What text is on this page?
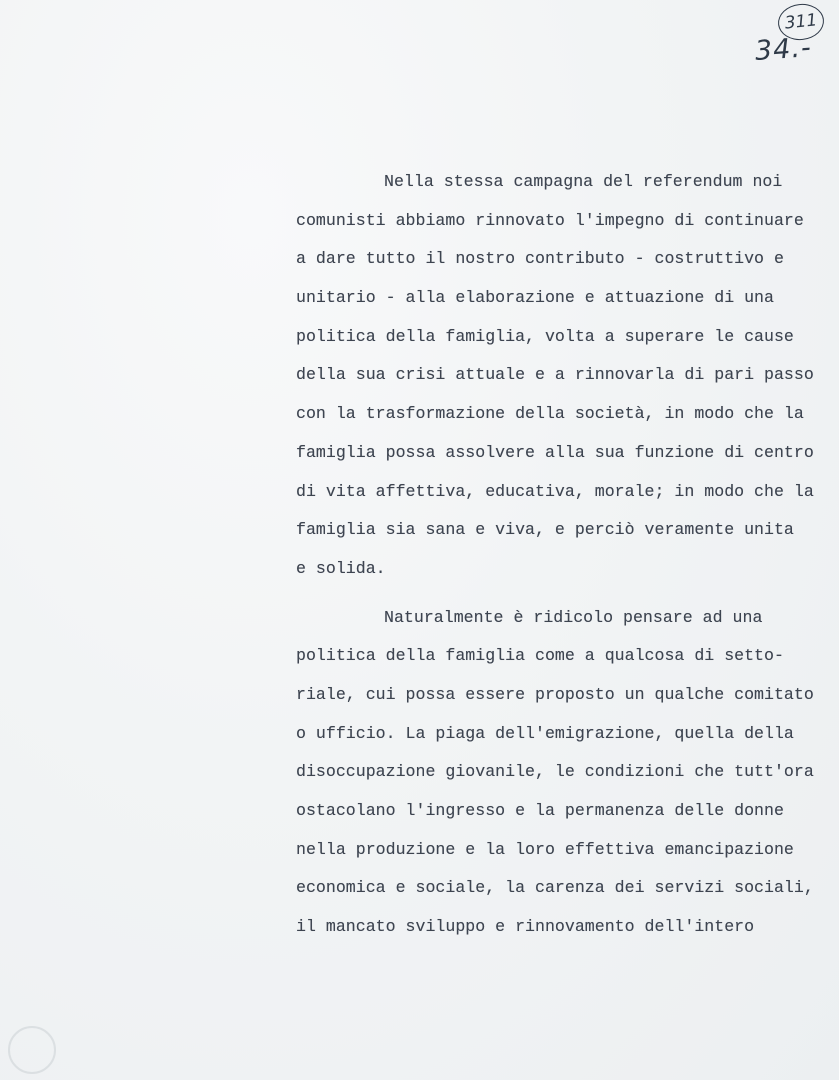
311
34.-
Nella stessa campagna del referendum noi
comunisti abbiamo rinnovato l'impegno di continuare
a dare tutto il nostro contributo - costruttivo e
unitario - alla elaborazione e attuazione di una
politica della famiglia, volta a superare le cause
della sua crisi attuale e a rinnovarla di pari passo
con la trasformazione della società, in modo che la
famiglia possa assolvere alla sua funzione di centro
di vita affettiva, educativa, morale; in modo che la
famiglia sia sana e viva, e perciò veramente unita
e solida.
Naturalmente è ridicolo pensare ad una
politica della famiglia come a qualcosa di setto-
riale, cui possa essere proposto un qualche comitato
o ufficio. La piaga dell'emigrazione, quella della
disoccupazione giovanile, le condizioni che tutt'ora
ostacolano l'ingresso e la permanenza delle donne
nella produzione e la loro effettiva emancipazione
economica e sociale, la carenza dei servizi sociali,
il mancato sviluppo e rinnovamento dell'intero
